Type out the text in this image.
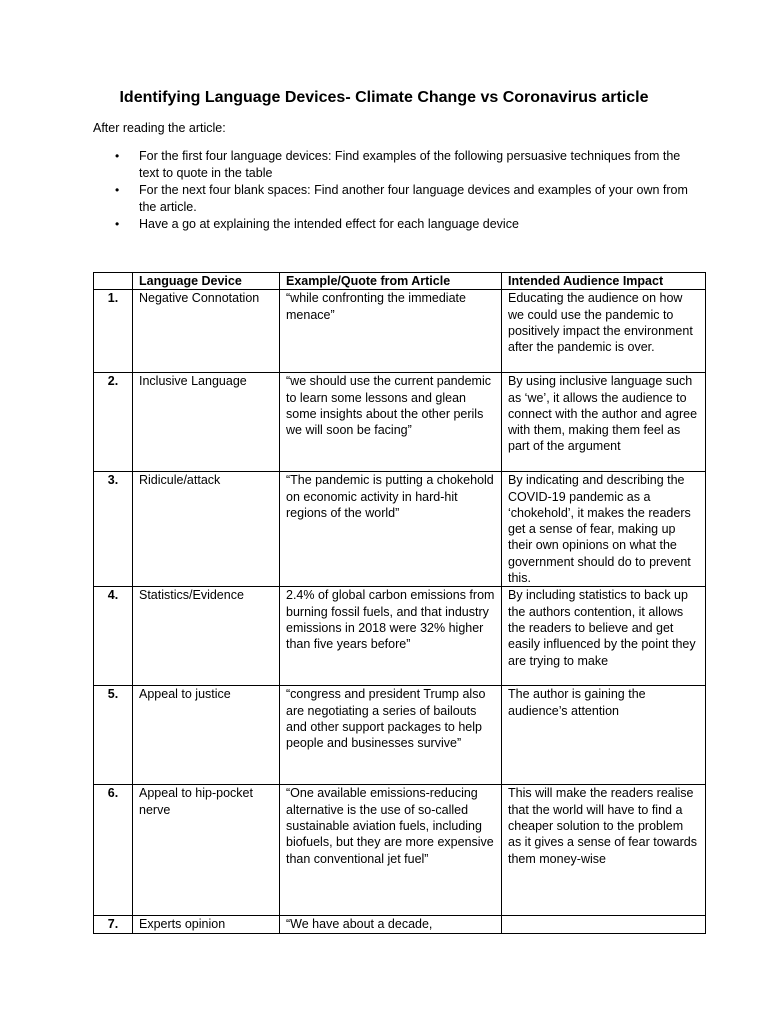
Identifying Language Devices- Climate Change vs Coronavirus article
After reading the article:
• For the first four language devices: Find examples of the following persuasive techniques from the text to quote in the table
• For the next four blank spaces: Find another four language devices and examples of your own from the article.
• Have a go at explaining the intended effect for each language device
	Language Device	Example/Quote from Article	Intended Audience Impact
1.	Negative Connotation	“while confronting the immediate menace”	Educating the audience on how we could use the pandemic to positively impact the environment after the pandemic is over.
2.	Inclusive Language	“we should use the current pandemic to learn some lessons and glean some insights about the other perils we will soon be facing”	By using inclusive language such as ‘we’, it allows the audience to connect with the author and agree with them, making them feel as part of the argument
3.	Ridicule/attack	“The pandemic is putting a chokehold on economic activity in hard-hit regions of the world”	By indicating and describing the COVID-19 pandemic as a ‘chokehold’, it makes the readers get a sense of fear, making up their own opinions on what the government should do to prevent this.
4.	Statistics/Evidence	2.4% of global carbon emissions from burning fossil fuels, and that industry emissions in 2018 were 32% higher than five years before”	By including statistics to back up the authors contention, it allows the readers to believe and get easily influenced by the point they are trying to make
5.	Appeal to justice	“congress and president Trump also are negotiating a series of bailouts and other support packages to help people and businesses survive”	The author is gaining the audience’s attention
6.	Appeal to hip-pocket nerve	“One available emissions-reducing alternative is the use of so-called sustainable aviation fuels, including biofuels, but they are more expensive than conventional jet fuel”	This will make the readers realise that the world will have to find a cheaper solution to the problem as it gives a sense of fear towards them money-wise
7.	Experts opinion	“We have about a decade,	
